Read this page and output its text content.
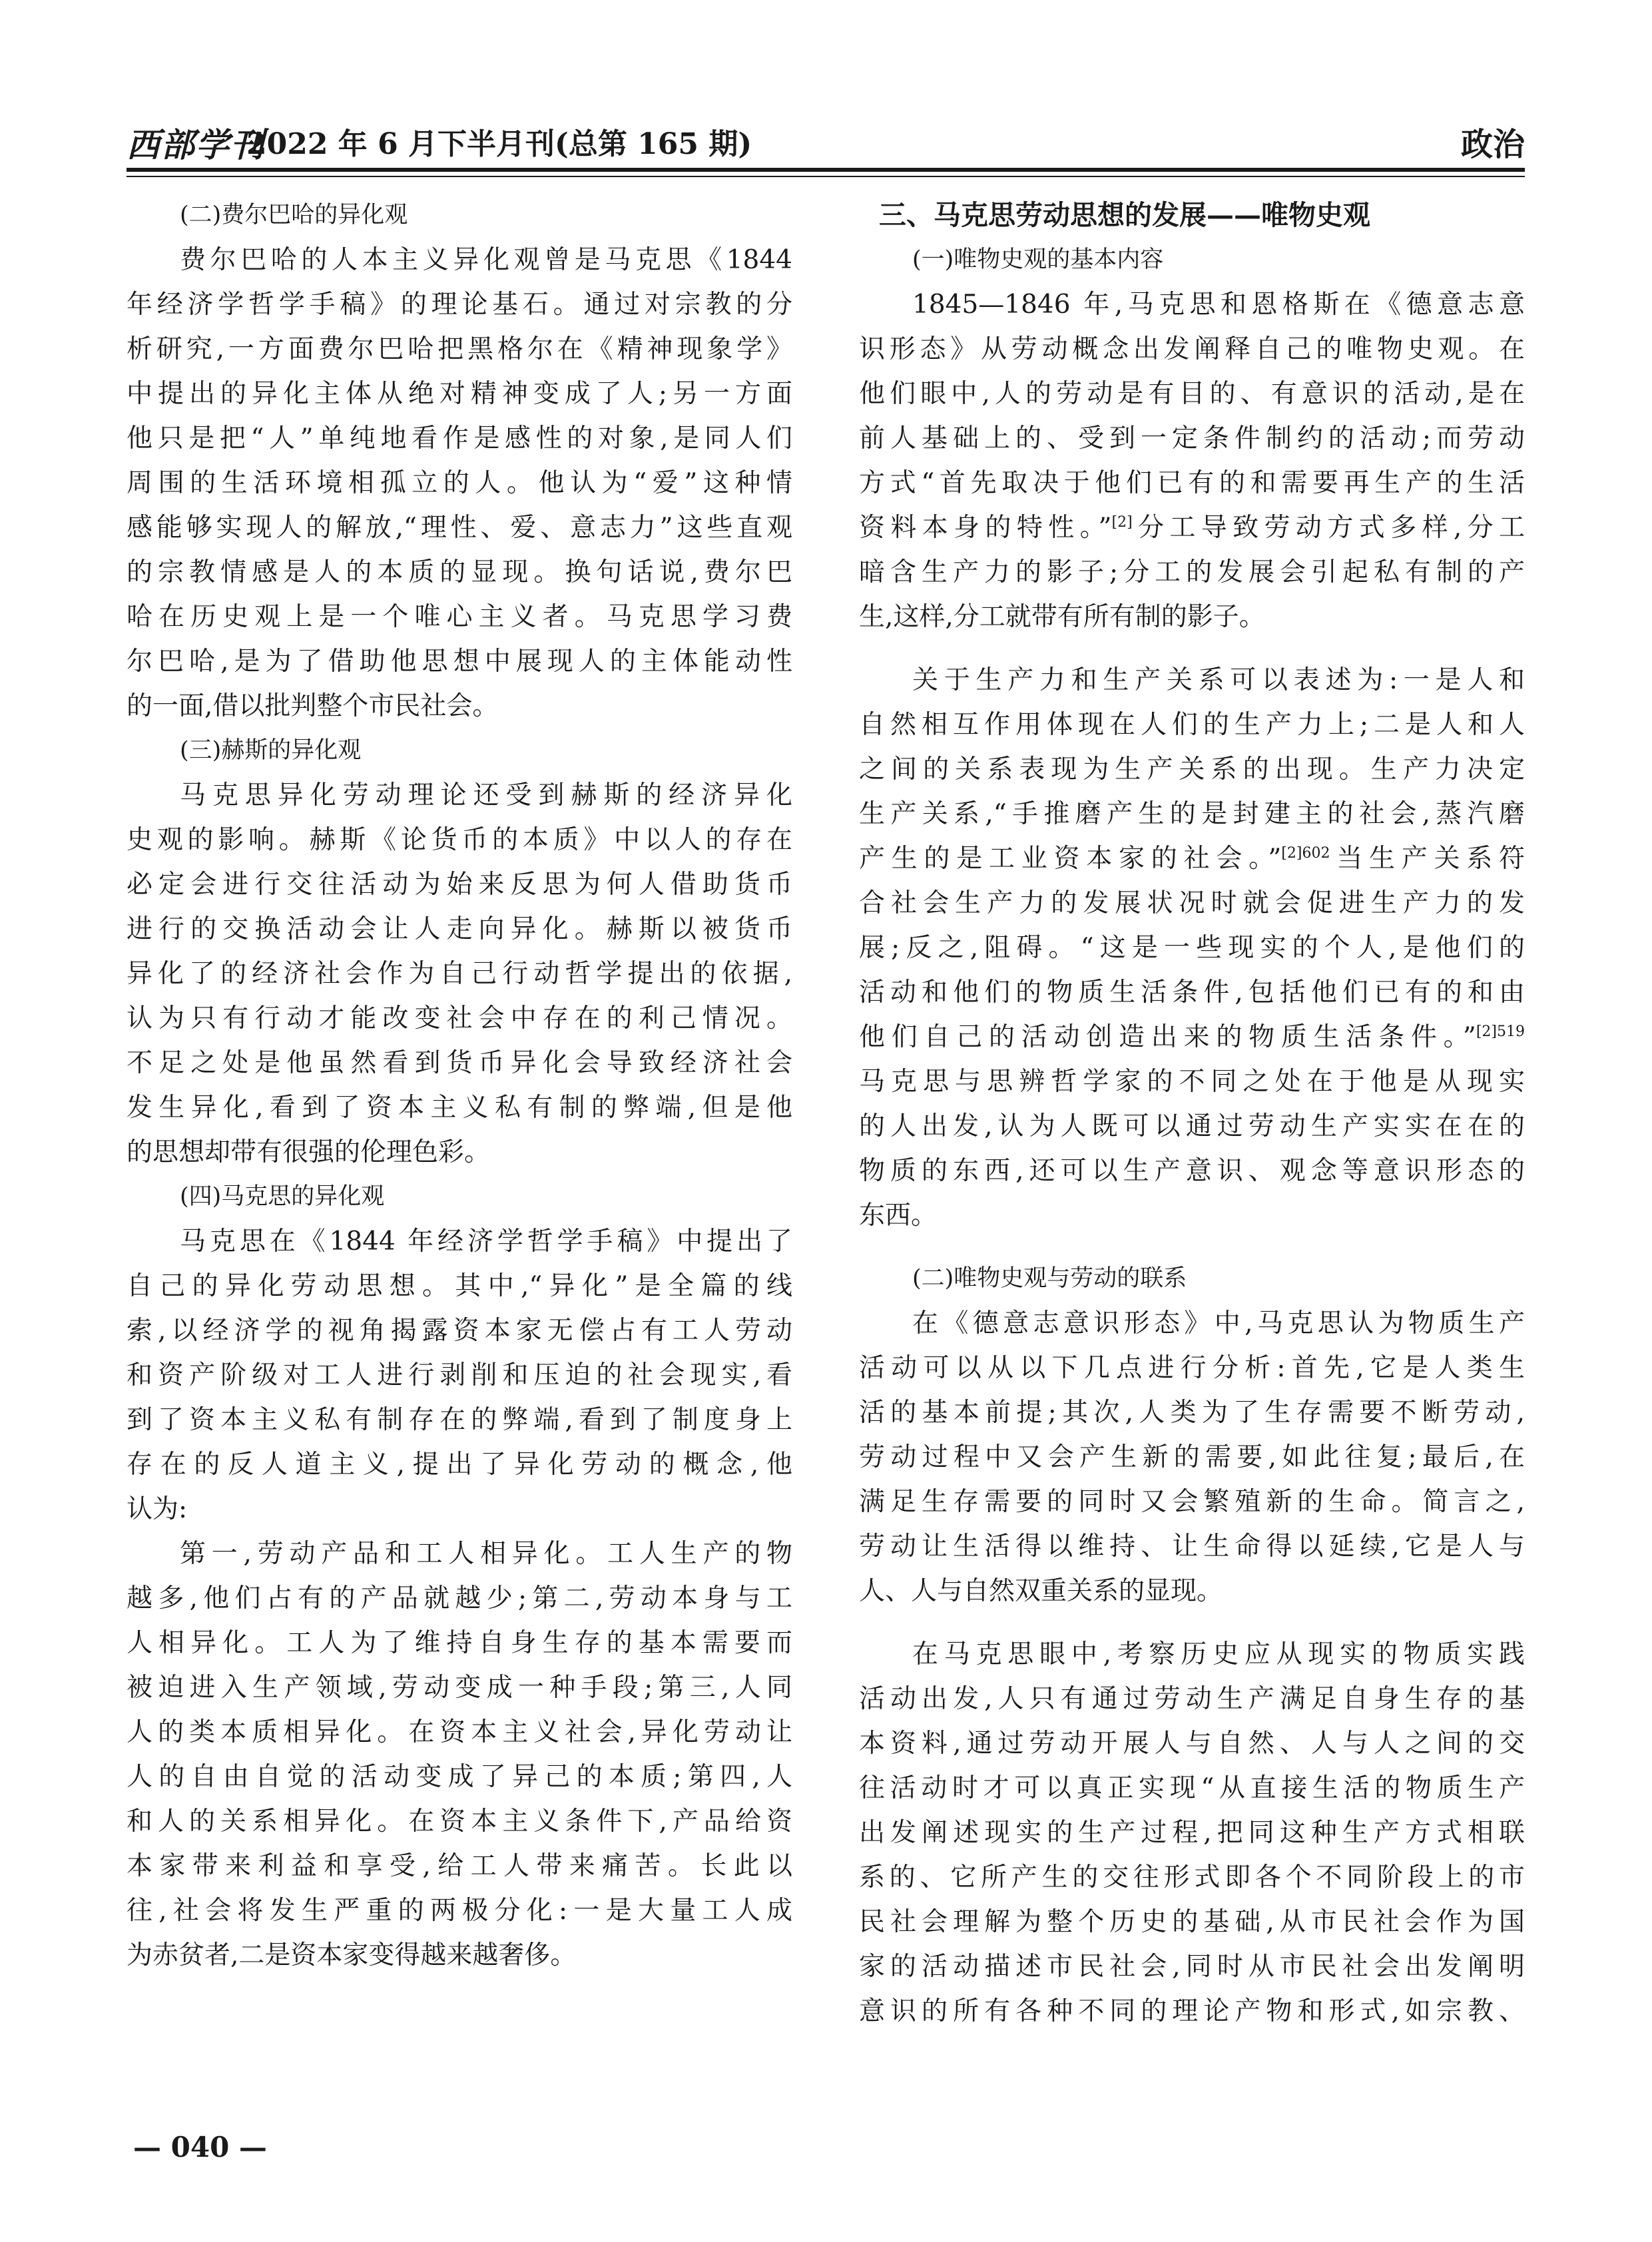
西部学刊
2022 年 6 月下半月刊(总第 165 期)	政治
(二)费尔巴哈的异化观
费尔巴哈的人本主义异化观曾是马克思《1844
年经济学哲学手稿》的理论基石。通过对宗教的分
析研究,一方面费尔巴哈把黑格尔在《精神现象学》
中提出的异化主体从绝对精神变成了人;另一方面
他只是把“人”单纯地看作是感性的对象,是同人们
周围的生活环境相孤立的人。他认为“爱”这种情
感能够实现人的解放,“理性、爱、意志力”这些直观
的宗教情感是人的本质的显现。换句话说,费尔巴
哈在历史观上是一个唯心主义者。马克思学习费
尔巴哈,是为了借助他思想中展现人的主体能动性
的一面,借以批判整个市民社会。
(三)赫斯的异化观
马克思异化劳动理论还受到赫斯的经济异化
史观的影响。赫斯《论货币的本质》中以人的存在
必定会进行交往活动为始来反思为何人借助货币
进行的交换活动会让人走向异化。赫斯以被货币
异化了的经济社会作为自己行动哲学提出的依据,
认为只有行动才能改变社会中存在的利己情况。
不足之处是他虽然看到货币异化会导致经济社会
发生异化,看到了资本主义私有制的弊端,但是他
的思想却带有很强的伦理色彩。
(四)马克思的异化观
马克思在《1844 年经济学哲学手稿》中提出了
自己的异化劳动思想。其中,“异化”是全篇的线
索,以经济学的视角揭露资本家无偿占有工人劳动
和资产阶级对工人进行剥削和压迫的社会现实,看
到了资本主义私有制存在的弊端,看到了制度身上
存在的反人道主义,提出了异化劳动的概念,他
认为:
第一,劳动产品和工人相异化。工人生产的物
越多,他们占有的产品就越少;第二,劳动本身与工
人相异化。工人为了维持自身生存的基本需要而
被迫进入生产领域,劳动变成一种手段;第三,人同
人的类本质相异化。在资本主义社会,异化劳动让
人的自由自觉的活动变成了异己的本质;第四,人
和人的关系相异化。在资本主义条件下,产品给资
本家带来利益和享受,给工人带来痛苦。长此以
往,社会将发生严重的两极分化:一是大量工人成
为赤贫者,二是资本家变得越来越奢侈。
三、马克思劳动思想的发展——唯物史观
(一)唯物史观的基本内容
1845—1846 年,马克思和恩格斯在《德意志意
识形态》从劳动概念出发阐释自己的唯物史观。在
他们眼中,人的劳动是有目的、有意识的活动,是在
前人基础上的、受到一定条件制约的活动;而劳动
方式“首先取决于他们已有的和需要再生产的生活
资料本身的特性。”[2]分工导致劳动方式多样,分工
暗含生产力的影子;分工的发展会引起私有制的产
生,这样,分工就带有所有制的影子。
关于生产力和生产关系可以表述为:一是人和
自然相互作用体现在人们的生产力上;二是人和人
之间的关系表现为生产关系的出现。生产力决定
生产关系,“手推磨产生的是封建主的社会,蒸汽磨
产生的是工业资本家的社会。”$^{[2]602}$当生产关系符
合社会生产力的发展状况时就会促进生产力的发
展;反之,阻碍。“这是一些现实的个人,是他们的
活动和他们的物质生活条件,包括他们已有的和由
他们自己的活动创造出来的物质生活条件。”$^{[2]519}$
马克思与思辨哲学家的不同之处在于他是从现实
的人出发,认为人既可以通过劳动生产实实在在的
物质的东西,还可以生产意识、观念等意识形态的
东西。
(二)唯物史观与劳动的联系
在《德意志意识形态》中,马克思认为物质生产
活动可以从以下几点进行分析:首先,它是人类生
活的基本前提;其次,人类为了生存需要不断劳动,
劳动过程中又会产生新的需要,如此往复;最后,在
满足生存需要的同时又会繁殖新的生命。简言之,
劳动让生活得以维持、让生命得以延续,它是人与
人、人与自然双重关系的显现。
在马克思眼中,考察历史应从现实的物质实践
活动出发,人只有通过劳动生产满足自身生存的基
本资料,通过劳动开展人与自然、人与人之间的交
往活动时才可以真正实现“从直接生活的物质生产
出发阐述现实的生产过程,把同这种生产方式相联
系的、它所产生的交往形式即各个不同阶段上的市
民社会理解为整个历史的基础,从市民社会作为国
家的活动描述市民社会,同时从市民社会出发阐明
意识的所有各种不同的理论产物和形式,如宗教、
— 040 —
